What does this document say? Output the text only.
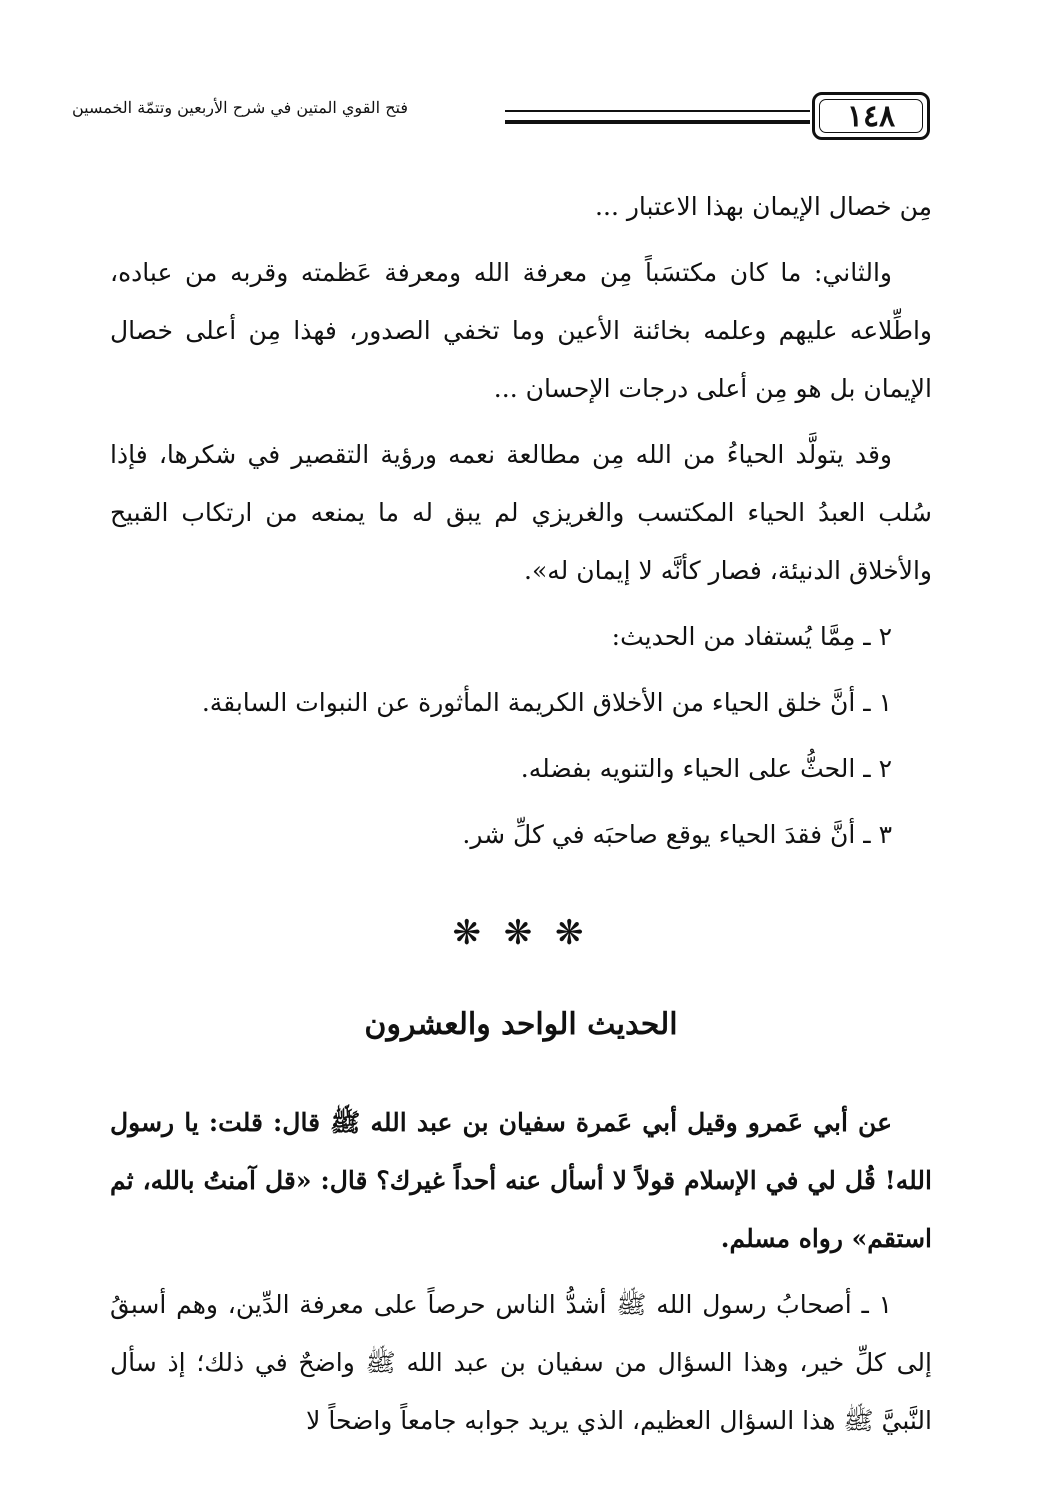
١٤٨
فتح القوي المتين في شرح الأربعين وتتمّة الخمسين

مِن خصال الإيمان بهذا الاعتبار ...

والثاني: ما كان مكتسَباً مِن معرفة الله ومعرفة عَظمته وقربه من عباده، واطِّلاعه عليهم وعلمه بخائنة الأعين وما تخفي الصدور، فهذا مِن أعلى خصال الإيمان بل هو مِن أعلى درجات الإحسان ...

وقد يتولَّد الحياءُ من الله مِن مطالعة نعمه ورؤية التقصير في شكرها، فإذا سُلب العبدُ الحياء المكتسب والغريزي لم يبق له ما يمنعه من ارتكاب القبيح والأخلاق الدنيئة، فصار كأنَّه لا إيمان له».

٢ ـ مِمَّا يُستفاد من الحديث:

١ ـ أنَّ خلق الحياء من الأخلاق الكريمة المأثورة عن النبوات السابقة.

٢ ـ الحثُّ على الحياء والتنويه بفضله.

٣ ـ أنَّ فقدَ الحياء يوقع صاحبَه في كلِّ شر.

❋ ❋ ❋
الحديث الواحد والعشرون

عن أبي عَمرو وقيل أبي عَمرة سفيان بن عبد الله ﷺ قال: قلت: يا رسول الله! قُل لي في الإسلام قولاً لا أسأل عنه أحداً غيرك؟ قال: «قل آمنتُ بالله، ثم استقم» رواه مسلم.

١ ـ أصحابُ رسول الله ﷺ أشدُّ الناس حرصاً على معرفة الدِّين، وهم أسبقُ إلى كلِّ خير، وهذا السؤال من سفيان بن عبد الله ﷺ واضحٌ في ذلك؛ إذ سأل النَّبيَّ ﷺ هذا السؤال العظيم، الذي يريد جوابه جامعاً واضحاً لا
